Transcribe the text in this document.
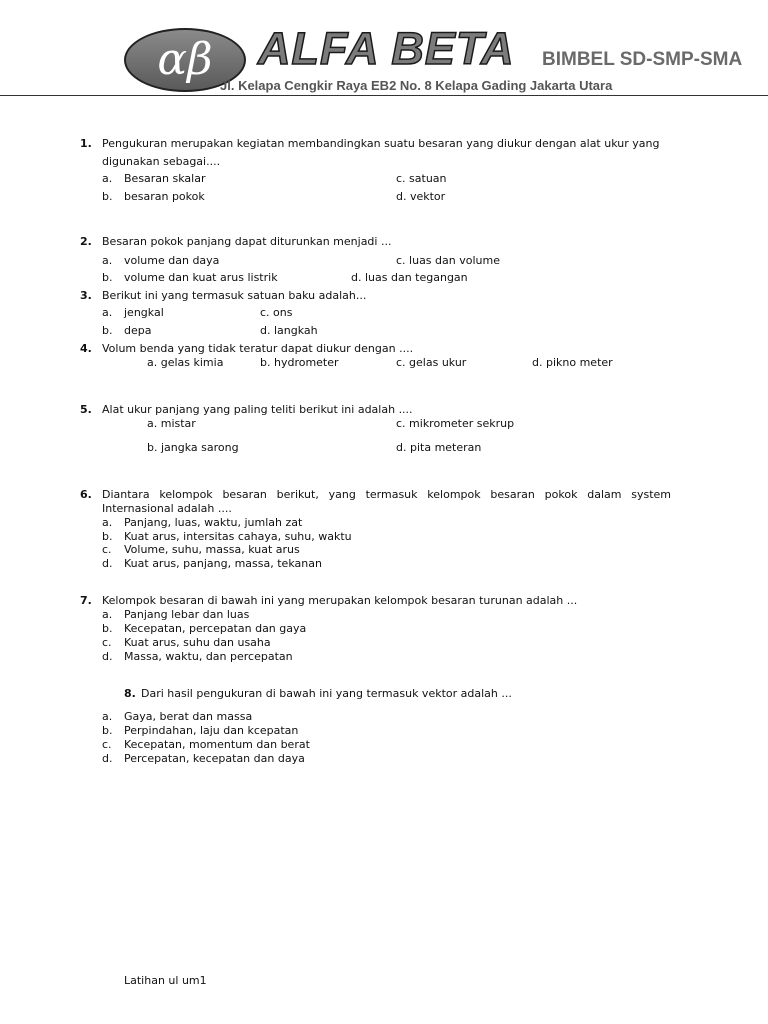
αβ	ALFA BETA BIMBEL SD-SMP-SMA
Jl. Kelapa Cengkir Raya EB2 No. 8 Kelapa Gading Jakarta Utara
1. Pengukuran merupakan kegiatan membandingkan suatu besaran yang diukur dengan alat ukur yang
digunakan sebagai....
a. Besaran skalar	c. satuan
b. besaran pokok	d. vektor
2. Besaran pokok panjang dapat diturunkan menjadi ...
a. volume dan daya	c. luas dan volume
b. volume dan kuat arus listrik	d. luas dan tegangan
3. Berikut ini yang termasuk satuan baku adalah...
a. jengkal	c. ons
b. depa	d. langkah
4. Volum benda yang tidak teratur dapat diukur dengan ....
a. gelas kimia	b. hydrometer	c. gelas ukur	d. pikno meter
5. Alat ukur panjang yang paling teliti berikut ini adalah ....
a. mistar	c. mikrometer sekrup
b. jangka sarong	d. pita meteran
6. Diantara kelompok besaran berikut, yang termasuk kelompok besaran pokok dalam system
Internasional adalah ....
a. Panjang, luas, waktu, jumlah zat
b. Kuat arus, intersitas cahaya, suhu, waktu
c. Volume, suhu, massa, kuat arus
d. Kuat arus, panjang, massa, tekanan
7. Kelompok besaran di bawah ini yang merupakan kelompok besaran turunan adalah ...
a. Panjang lebar dan luas
b. Kecepatan, percepatan dan gaya
c. Kuat arus, suhu dan usaha
d. Massa, waktu, dan percepatan
8. Dari hasil pengukuran di bawah ini yang termasuk vektor adalah ...
a. Gaya, berat dan massa
b. Perpindahan, laju dan kcepatan
c. Kecepatan, momentum dan berat
d. Percepatan, kecepatan dan daya
Latihan ul um1
